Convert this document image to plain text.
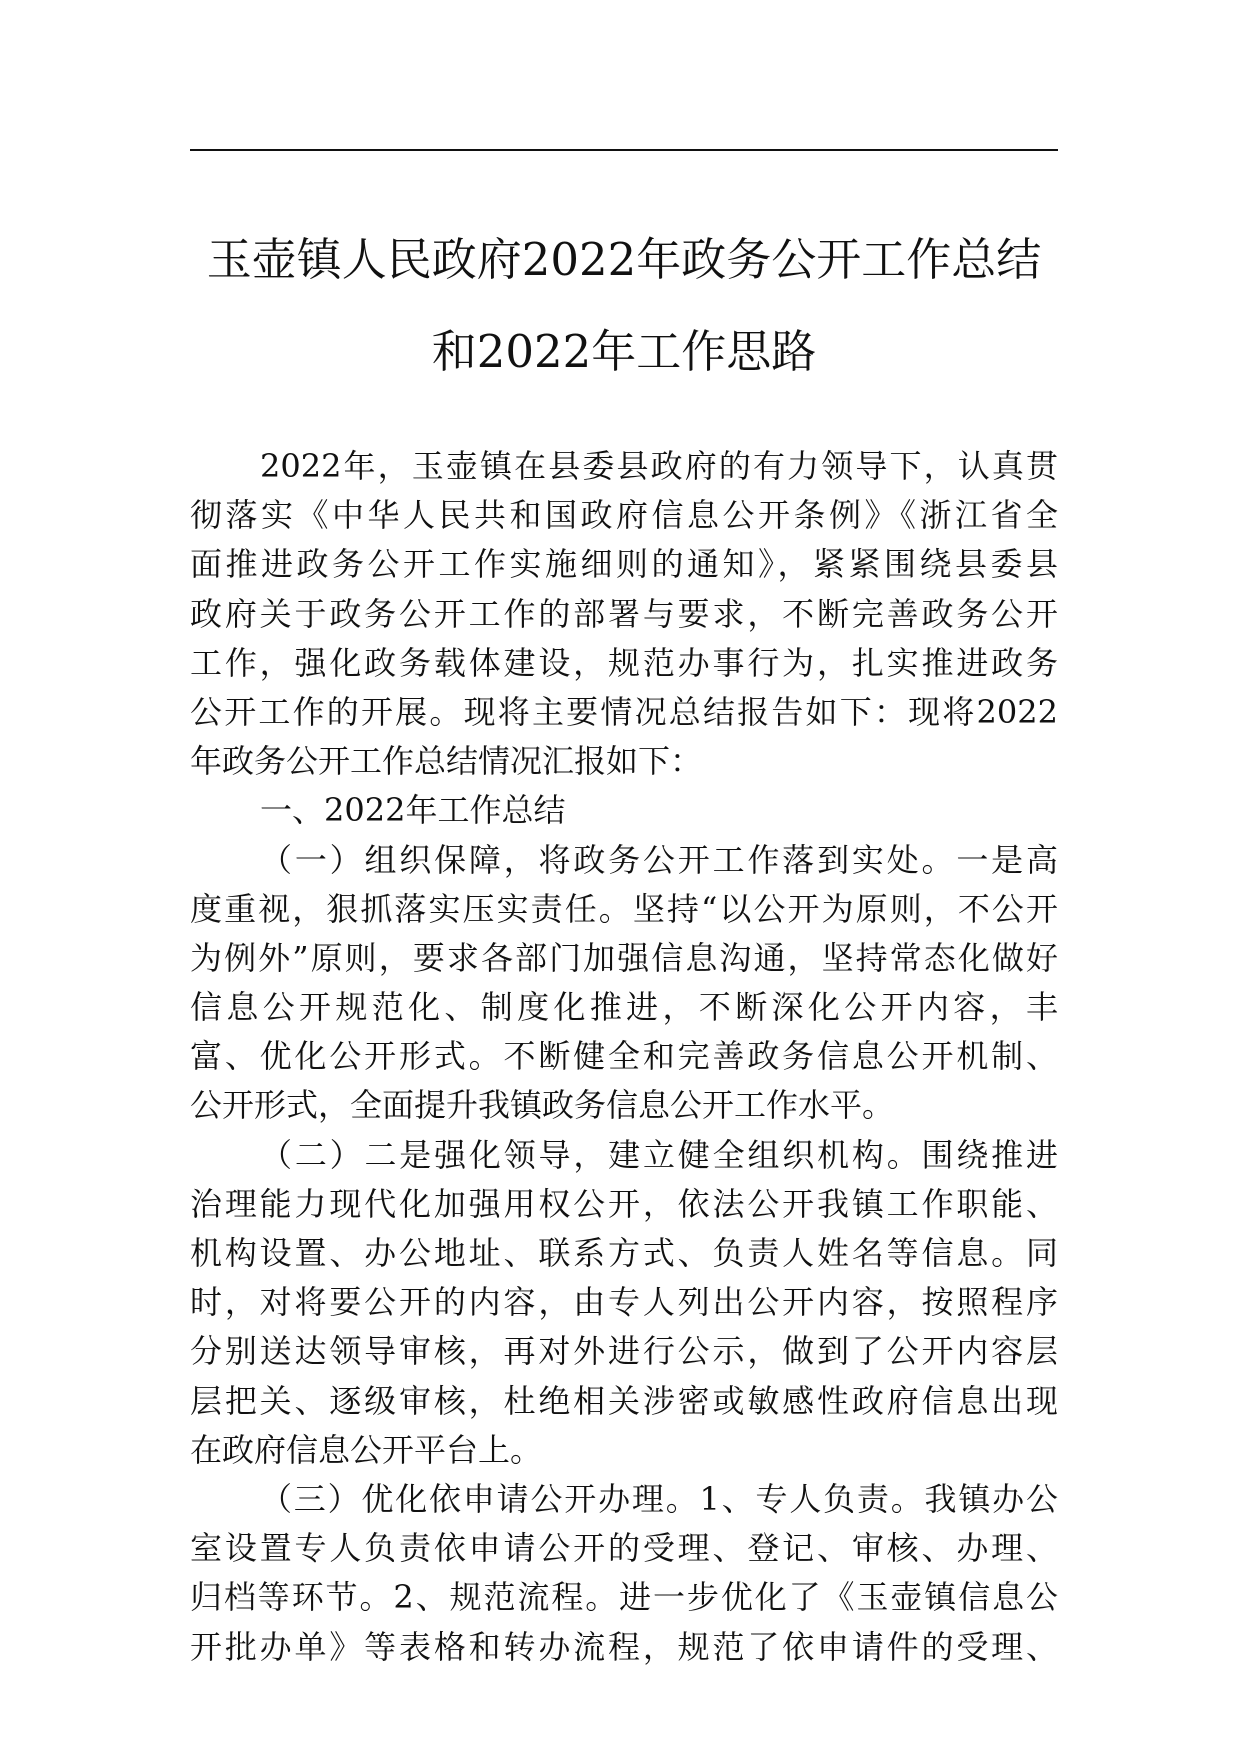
玉壶镇人民政府2022年政务公开工作总结
和2022年工作思路
2022年，玉壶镇在县委县政府的有力领导下，认真贯
彻落实《中华人民共和国政府信息公开条例》《浙江省全
面推进政务公开工作实施细则的通知》，紧紧围绕县委县
政府关于政务公开工作的部署与要求，不断完善政务公开
工作，强化政务载体建设，规范办事行为，扎实推进政务
公开工作的开展。现将主要情况总结报告如下：现将2022
年政务公开工作总结情况汇报如下：
一、2022年工作总结
（一）组织保障，将政务公开工作落到实处。一是高
度重视，狠抓落实压实责任。坚持“以公开为原则，不公开
为例外”原则，要求各部门加强信息沟通，坚持常态化做好
信息公开规范化、制度化推进，不断深化公开内容，丰
富、优化公开形式。不断健全和完善政务信息公开机制、
公开形式，全面提升我镇政务信息公开工作水平。
（二）二是强化领导，建立健全组织机构。围绕推进
治理能力现代化加强用权公开，依法公开我镇工作职能、
机构设置、办公地址、联系方式、负责人姓名等信息。同
时，对将要公开的内容，由专人列出公开内容，按照程序
分别送达领导审核，再对外进行公示，做到了公开内容层
层把关、逐级审核，杜绝相关涉密或敏感性政府信息出现
在政府信息公开平台上。
（三）优化依申请公开办理。1、专人负责。我镇办公
室设置专人负责依申请公开的受理、登记、审核、办理、
归档等环节。2、规范流程。进一步优化了《玉壶镇信息公
开批办单》等表格和转办流程，规范了依申请件的受理、
